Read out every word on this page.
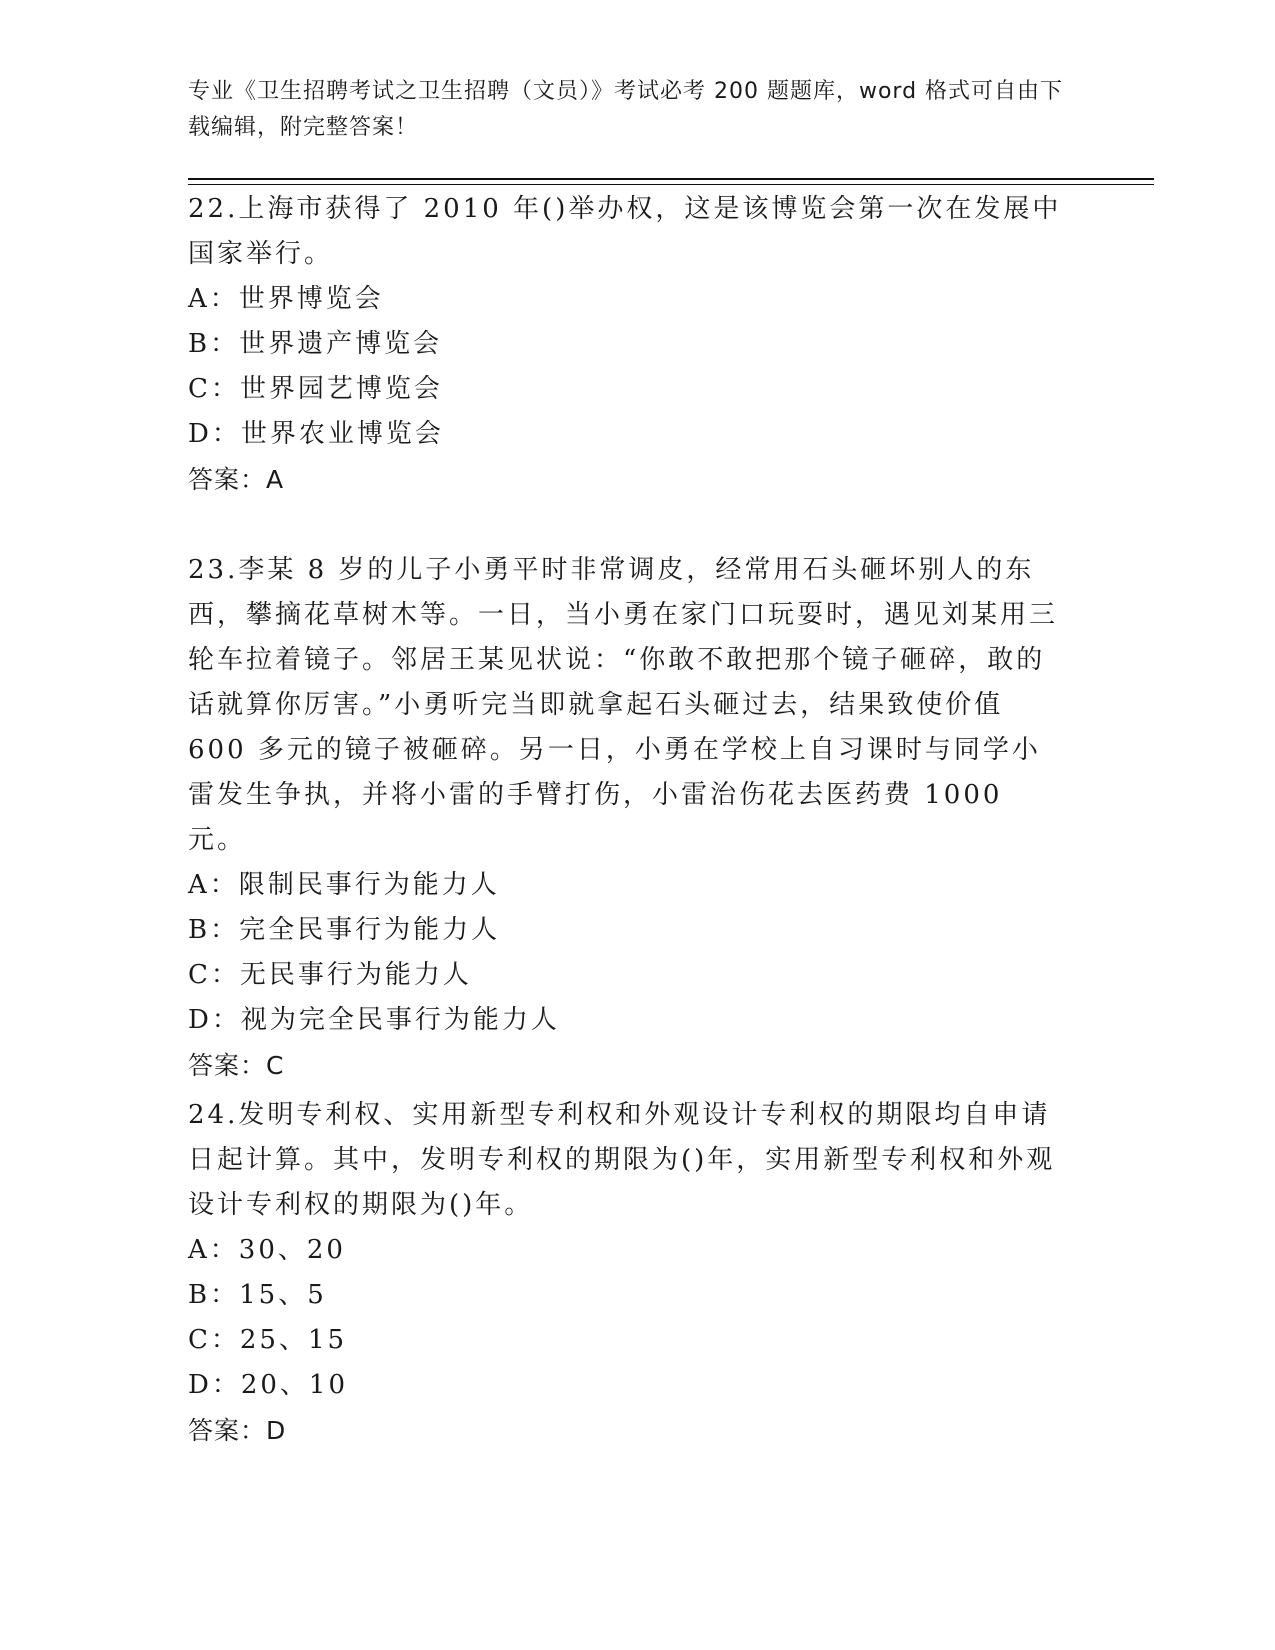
专业《卫生招聘考试之卫生招聘（文员）》考试必考 200 题题库，word 格式可自由下载编辑，附完整答案！

22.上海市获得了 2010 年()举办权，这是该博览会第一次在发展中国家举行。

A：世界博览会

B：世界遗产博览会

C：世界园艺博览会

D：世界农业博览会

答案：A

23.李某 8 岁的儿子小勇平时非常调皮，经常用石头砸坏别人的东西，攀摘花草树木等。一日，当小勇在家门口玩耍时，遇见刘某用三轮车拉着镜子。邻居王某见状说：“你敢不敢把那个镜子砸碎，敢的话就算你厉害。”小勇听完当即就拿起石头砸过去，结果致使价值 600 多元的镜子被砸碎。另一日，小勇在学校上自习课时与同学小雷发生争执，并将小雷的手臂打伤，小雷治伤花去医药费 1000 元。

A：限制民事行为能力人

B：完全民事行为能力人

C：无民事行为能力人

D：视为完全民事行为能力人

答案：C

24.发明专利权、实用新型专利权和外观设计专利权的期限均自申请日起计算。其中，发明专利权的期限为()年，实用新型专利权和外观设计专利权的期限为()年。

A：30、20

B：15、5

C：25、15

D：20、10

答案：D
